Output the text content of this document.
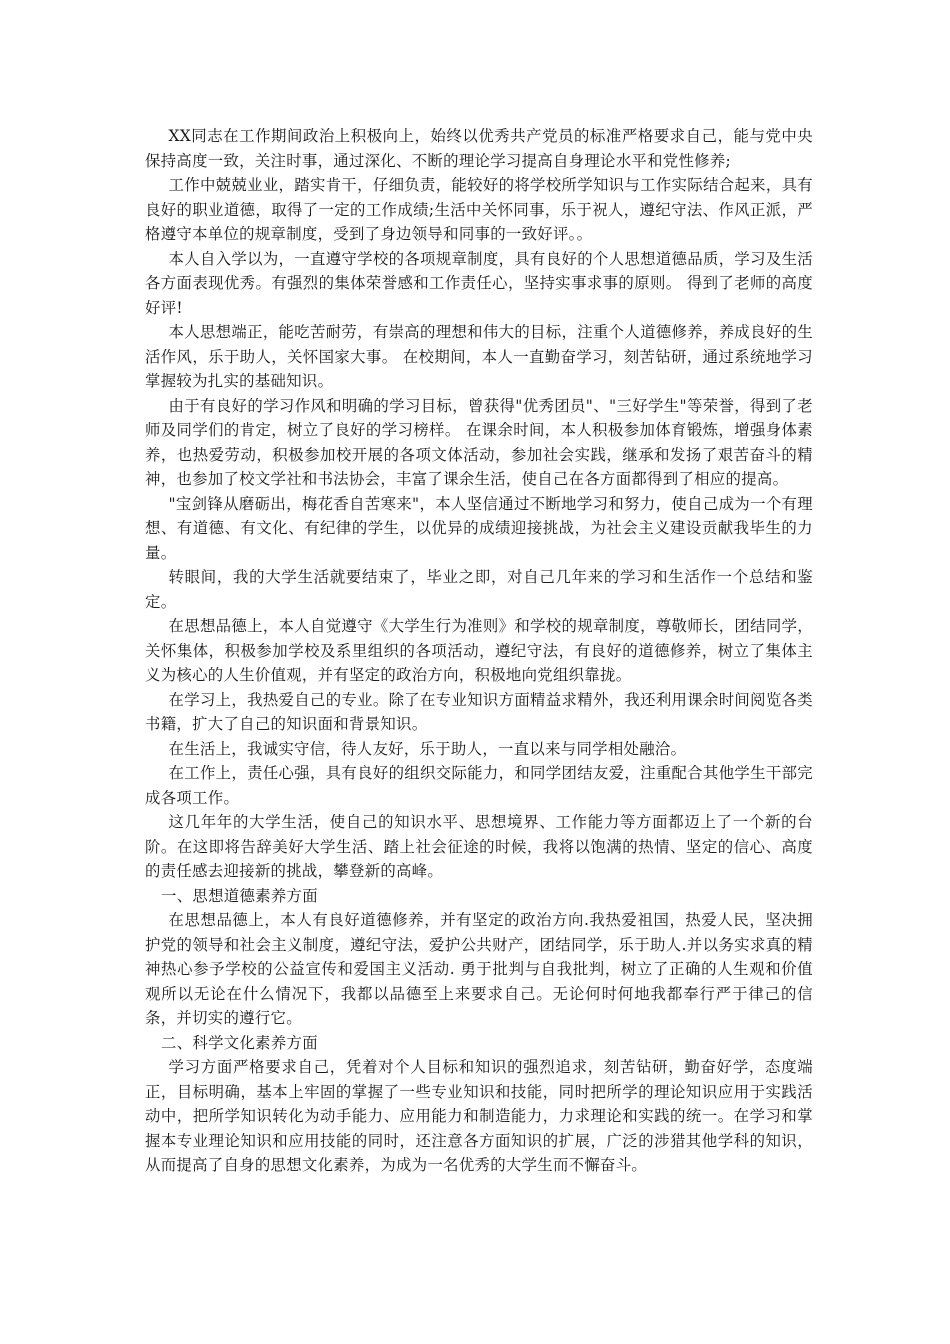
XX同志在工作期间政治上积极向上，始终以优秀共产党员的标准严格要求自己，能与党中央保持高度一致，关注时事，通过深化、不断的理论学习提高自身理论水平和党性修养;

工作中兢兢业业，踏实肯干，仔细负责，能较好的将学校所学知识与工作实际结合起来，具有良好的职业道德，取得了一定的工作成绩;生活中关怀同事，乐于祝人，遵纪守法、作风正派，严格遵守本单位的规章制度，受到了身边领导和同事的一致好评。。

本人自入学以为，一直遵守学校的各项规章制度，具有良好的个人思想道德品质，学习及生活各方面表现优秀。有强烈的集体荣誉感和工作责任心，坚持实事求事的原则。 得到了老师的高度好评!

本人思想端正，能吃苦耐劳，有崇高的理想和伟大的目标，注重个人道德修养，养成良好的生活作风，乐于助人，关怀国家大事。 在校期间，本人一直勤奋学习，刻苦钻研，通过系统地学习掌握较为扎实的基础知识。

由于有良好的学习作风和明确的学习目标，曾获得"优秀团员"、"三好学生"等荣誉，得到了老师及同学们的肯定，树立了良好的学习榜样。 在课余时间，本人积极参加体育锻炼，增强身体素养，也热爱劳动，积极参加校开展的各项文体活动，参加社会实践，继承和发扬了艰苦奋斗的精神，也参加了校文学社和书法协会，丰富了课余生活，使自己在各方面都得到了相应的提高。

"宝剑锋从磨砺出，梅花香自苦寒来"，本人坚信通过不断地学习和努力，使自己成为一个有理想、有道德、有文化、有纪律的学生，以优异的成绩迎接挑战，为社会主义建设贡献我毕生的力量。

转眼间，我的大学生活就要结束了，毕业之即，对自己几年来的学习和生活作一个总结和鉴定。

在思想品德上，本人自觉遵守《大学生行为准则》和学校的规章制度，尊敬师长，团结同学，关怀集体，积极参加学校及系里组织的各项活动，遵纪守法，有良好的道德修养，树立了集体主义为核心的人生价值观，并有坚定的政治方向，积极地向党组织靠拢。

在学习上，我热爱自己的专业。除了在专业知识方面精益求精外，我还利用课余时间阅览各类书籍，扩大了自己的知识面和背景知识。

在生活上，我诚实守信，待人友好，乐于助人，一直以来与同学相处融洽。

在工作上，责任心强，具有良好的组织交际能力，和同学团结友爱，注重配合其他学生干部完成各项工作。

这几年年的大学生活，使自己的知识水平、思想境界、工作能力等方面都迈上了一个新的台阶。在这即将告辞美好大学生活、踏上社会征途的时候，我将以饱满的热情、坚定的信心、高度的责任感去迎接新的挑战，攀登新的高峰。

一、思想道德素养方面

在思想品德上，本人有良好道德修养，并有坚定的政治方向.我热爱祖国，热爱人民，坚决拥护党的领导和社会主义制度，遵纪守法，爱护公共财产，团结同学，乐于助人.并以务实求真的精神热心参予学校的公益宣传和爱国主义活动. 勇于批判与自我批判，树立了正确的人生观和价值观所以无论在什么情况下，我都以品德至上来要求自己。无论何时何地我都奉行严于律己的信条，并切实的遵行它。

二、科学文化素养方面

学习方面严格要求自己，凭着对个人目标和知识的强烈追求，刻苦钻研，勤奋好学，态度端正，目标明确，基本上牢固的掌握了一些专业知识和技能，同时把所学的理论知识应用于实践活动中，把所学知识转化为动手能力、应用能力和制造能力，力求理论和实践的统一。在学习和掌握本专业理论知识和应用技能的同时，还注意各方面知识的扩展，广泛的涉猎其他学科的知识，从而提高了自身的思想文化素养，为成为一名优秀的大学生而不懈奋斗。
